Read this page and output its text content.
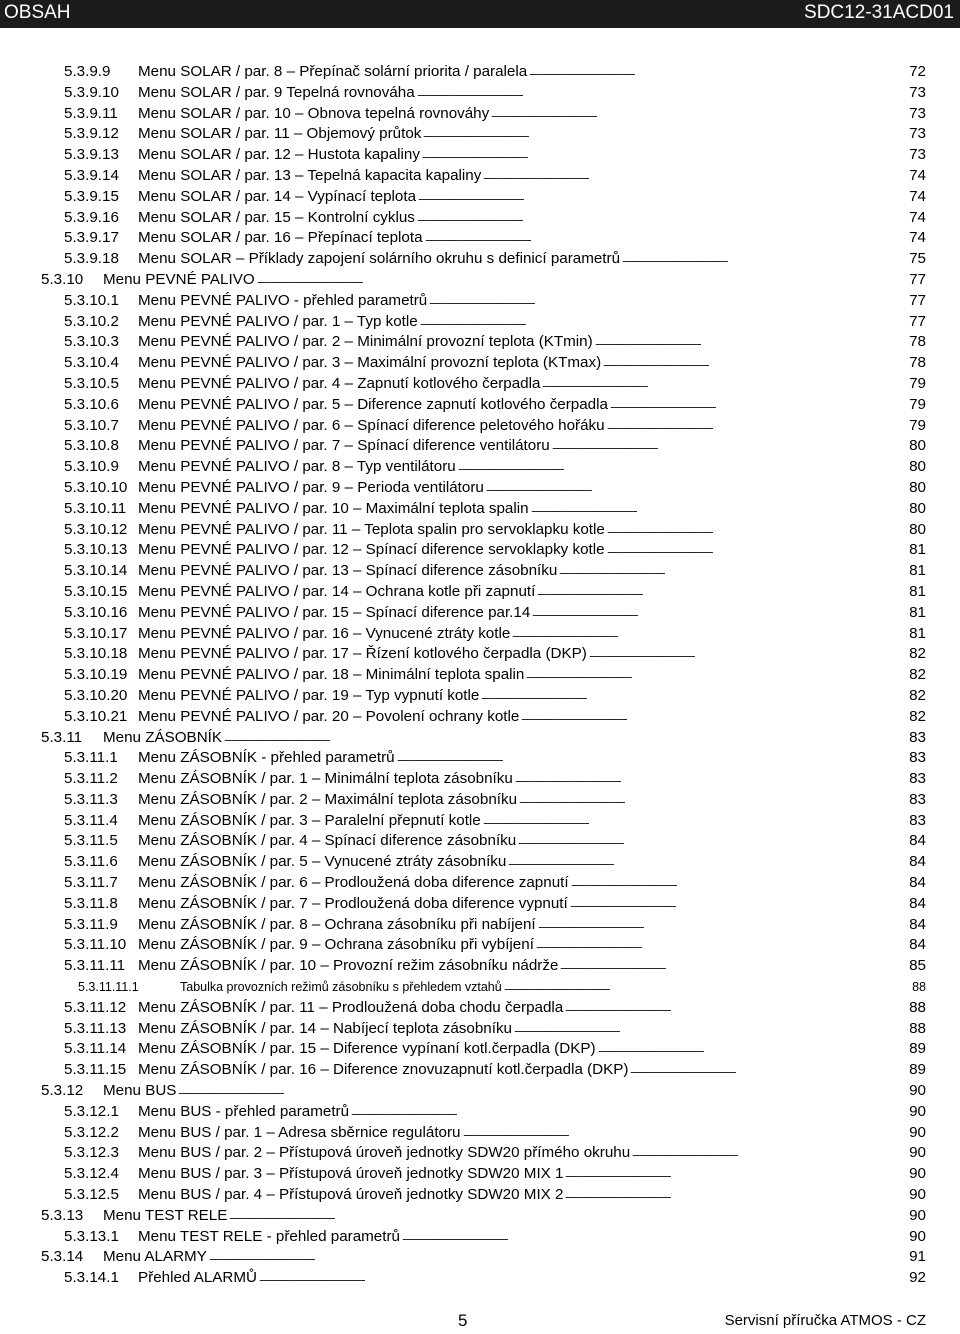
OBSAH	SDC12-31ACD01
5.3.9.9 Menu SOLAR / par. 8 – Přepínač solární priorita / paralela . . .	72
5.3.9.10 Menu SOLAR / par. 9 Tepelná rovnováha . . .	73
5.3.9.11 Menu SOLAR / par. 10 – Obnova tepelná rovnováhy . . .	73
5.3.9.12 Menu SOLAR / par. 11 – Objemový průtok . . .	73
5.3.9.13 Menu SOLAR / par. 12 – Hustota kapaliny . . .	73
5.3.9.14 Menu SOLAR / par. 13 – Tepelná kapacita kapaliny . . .	74
5.3.9.15 Menu SOLAR / par. 14 – Vypínací teplota . . .	74
5.3.9.16 Menu SOLAR / par. 15 – Kontrolní cyklus . . .	74
5.3.9.17 Menu SOLAR / par. 16 – Přepínací teplota . . .	74
5.3.9.18 Menu SOLAR – Příklady zapojení solárního okruhu s definicí parametrů . . .	75
5.3.10 Menu PEVNÉ PALIVO . . .	77
5.3.10.1 Menu PEVNÉ PALIVO - přehled parametrů . . .	77
5.3.10.2 Menu PEVNÉ PALIVO / par. 1 – Typ kotle . . .	77
5.3.10.3 Menu PEVNÉ PALIVO / par. 2 – Minimální provozní teplota (KTmin) . . .	78
5.3.10.4 Menu PEVNÉ PALIVO / par. 3 – Maximální provozní teplota (KTmax) . . .	78
5.3.10.5 Menu PEVNÉ PALIVO / par. 4 – Zapnutí kotlového čerpadla . . .	79
5.3.10.6 Menu PEVNÉ PALIVO / par. 5 – Diference zapnutí kotlového čerpadla . . .	79
5.3.10.7 Menu PEVNÉ PALIVO / par. 6 – Spínací diference peletového hořáku . . .	79
5.3.10.8 Menu PEVNÉ PALIVO / par. 7 – Spínací diference ventilátoru . . .	80
5.3.10.9 Menu PEVNÉ PALIVO / par. 8 – Typ ventilátoru . . .	80
5.3.10.10 Menu PEVNÉ PALIVO / par. 9 – Perioda ventilátoru . . .	80
5.3.10.11 Menu PEVNÉ PALIVO / par. 10 – Maximální teplota spalin . . .	80
5.3.10.12 Menu PEVNÉ PALIVO / par. 11 – Teplota spalin pro servoklapku kotle . . .	80
5.3.10.13 Menu PEVNÉ PALIVO / par. 12 – Spínací diference servoklapky kotle . . .	81
5.3.10.14 Menu PEVNÉ PALIVO / par. 13 – Spínací diference zásobníku . . .	81
5.3.10.15 Menu PEVNÉ PALIVO / par. 14 – Ochrana kotle při zapnutí . . .	81
5.3.10.16 Menu PEVNÉ PALIVO / par. 15 – Spínací diference par.14 . . .	81
5.3.10.17 Menu PEVNÉ PALIVO / par. 16 – Vynucené ztráty kotle . . .	81
5.3.10.18 Menu PEVNÉ PALIVO / par. 17 – Řízení kotlového čerpadla (DKP) . . .	82
5.3.10.19 Menu PEVNÉ PALIVO / par. 18 – Minimální teplota spalin . . .	82
5.3.10.20 Menu PEVNÉ PALIVO / par. 19 – Typ vypnutí kotle . . .	82
5.3.10.21 Menu PEVNÉ PALIVO / par. 20 – Povolení ochrany kotle . . .	82
5.3.11 Menu ZÁSOBNÍK . . .	83
5.3.11.1 Menu ZÁSOBNÍK - přehled parametrů . . .	83
5.3.11.2 Menu ZÁSOBNÍK / par. 1 – Minimální teplota zásobníku . . .	83
5.3.11.3 Menu ZÁSOBNÍK / par. 2 – Maximální teplota zásobníku . . .	83
5.3.11.4 Menu ZÁSOBNÍK / par. 3 – Paralelní přepnutí kotle . . .	83
5.3.11.5 Menu ZÁSOBNÍK / par. 4 – Spínací diference zásobníku . . .	84
5.3.11.6 Menu ZÁSOBNÍK / par. 5 – Vynucené ztráty zásobníku . . .	84
5.3.11.7 Menu ZÁSOBNÍK / par. 6 – Prodloužená doba diference zapnutí . . .	84
5.3.11.8 Menu ZÁSOBNÍK / par. 7 – Prodloužená doba diference vypnutí . . .	84
5.3.11.9 Menu ZÁSOBNÍK / par. 8 – Ochrana zásobníku při nabíjení . . .	84
5.3.11.10 Menu ZÁSOBNÍK / par. 9 – Ochrana zásobníku při vybíjení . . .	84
5.3.11.11 Menu ZÁSOBNÍK / par. 10 – Provozní režim zásobníku nádrže . . .	85
5.3.11.11.1	Tabulka provozních režimů zásobníku s přehledem vztahů . . .	88
5.3.11.12 Menu ZÁSOBNÍK / par. 11 – Prodloužená doba chodu čerpadla . . .	88
5.3.11.13 Menu ZÁSOBNÍK / par. 14 – Nabíjecí teplota zásobníku . . .	88
5.3.11.14 Menu ZÁSOBNÍK / par. 15 – Diference vypínaní kotl.čerpadla (DKP) . . .	89
5.3.11.15 Menu ZÁSOBNÍK / par. 16 – Diference znovuzapnutí kotl.čerpadla (DKP) . . .	89
5.3.12 Menu BUS . . .	90
5.3.12.1 Menu BUS - přehled parametrů . . .	90
5.3.12.2 Menu BUS / par. 1 – Adresa sběrnice regulátoru . . .	90
5.3.12.3 Menu BUS / par. 2 – Přístupová úroveň jednotky SDW20 přímého okruhu . . .	90
5.3.12.4 Menu BUS / par. 3 – Přístupová úroveň jednotky SDW20 MIX 1 . . .	90
5.3.12.5 Menu BUS / par. 4 – Přístupová úroveň jednotky SDW20 MIX 2 . . .	90
5.3.13 Menu TEST RELE . . .	90
5.3.13.1 Menu TEST RELE - přehled parametrů . . .	90
5.3.14 Menu ALARMY . . .	91
5.3.14.1 Přehled ALARMŮ . . .	92
5	Servisní příručka ATMOS - CZ
